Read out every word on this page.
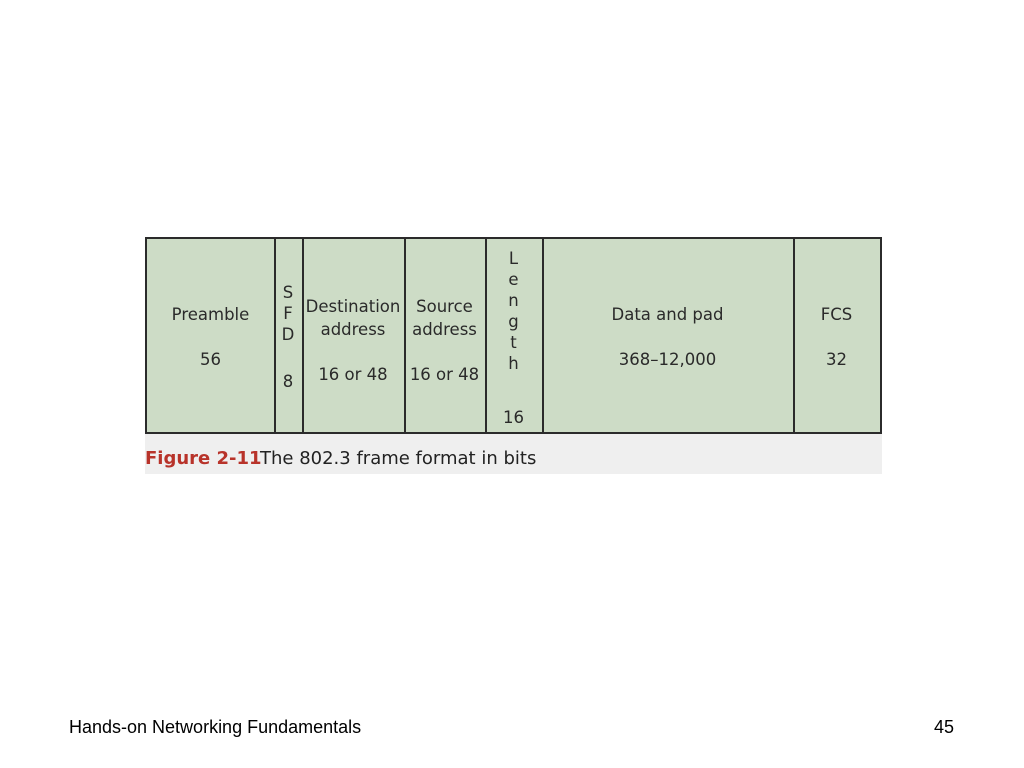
Preamble
56
S
F
D
8
Destination
address
16 or 48
Source
address
16 or 48
L
e
n
g
t
h
16
Data and pad
368–12,000
FCS
32
Figure 2-11
The 802.3 frame format in bits
Hands-on Networking Fundamentals	45
